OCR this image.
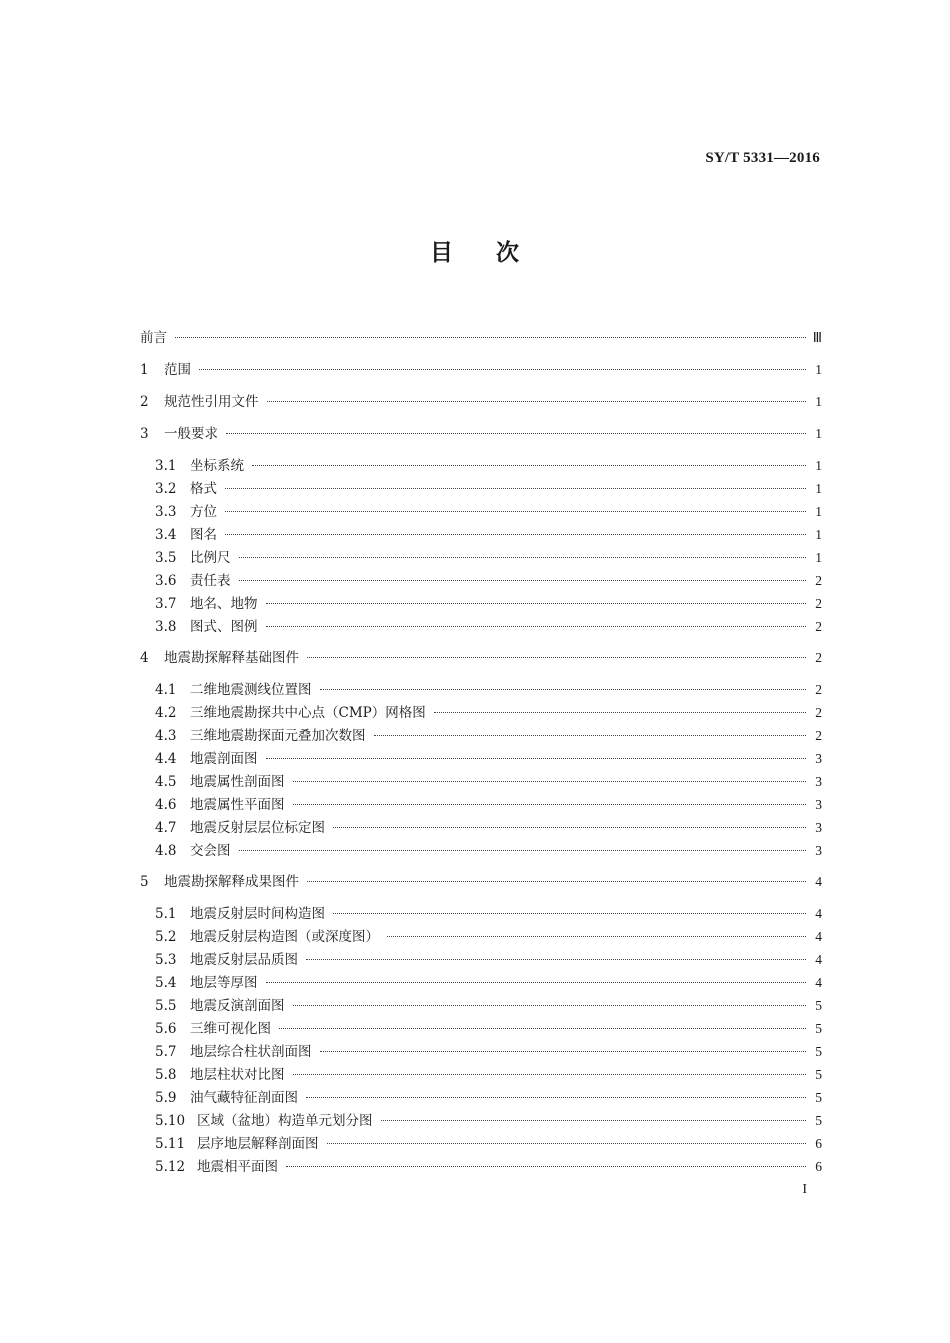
SY/T 5331—2016
目 次
前言	Ⅲ
1	范围	1
2	规范性引用文件	1
3	一般要求	1
3.1	坐标系统	1
3.2	格式	1
3.3	方位	1
3.4	图名	1
3.5	比例尺	1
3.6	责任表	2
3.7	地名、地物	2
3.8	图式、图例	2
4	地震勘探解释基础图件	2
4.1	二维地震测线位置图	2
4.2	三维地震勘探共中心点（CMP）网格图	2
4.3	三维地震勘探面元叠加次数图	2
4.4	地震剖面图	3
4.5	地震属性剖面图	3
4.6	地震属性平面图	3
4.7	地震反射层层位标定图	3
4.8	交会图	3
5	地震勘探解释成果图件	4
5.1	地震反射层时间构造图	4
5.2	地震反射层构造图（或深度图）	4
5.3	地震反射层品质图	4
5.4	地层等厚图	4
5.5	地震反演剖面图	5
5.6	三维可视化图	5
5.7	地层综合柱状剖面图	5
5.8	地层柱状对比图	5
5.9	油气藏特征剖面图	5
5.10 区域（盆地）构造单元划分图	5
5.11 层序地层解释剖面图	6
5.12 地震相平面图	6
I
